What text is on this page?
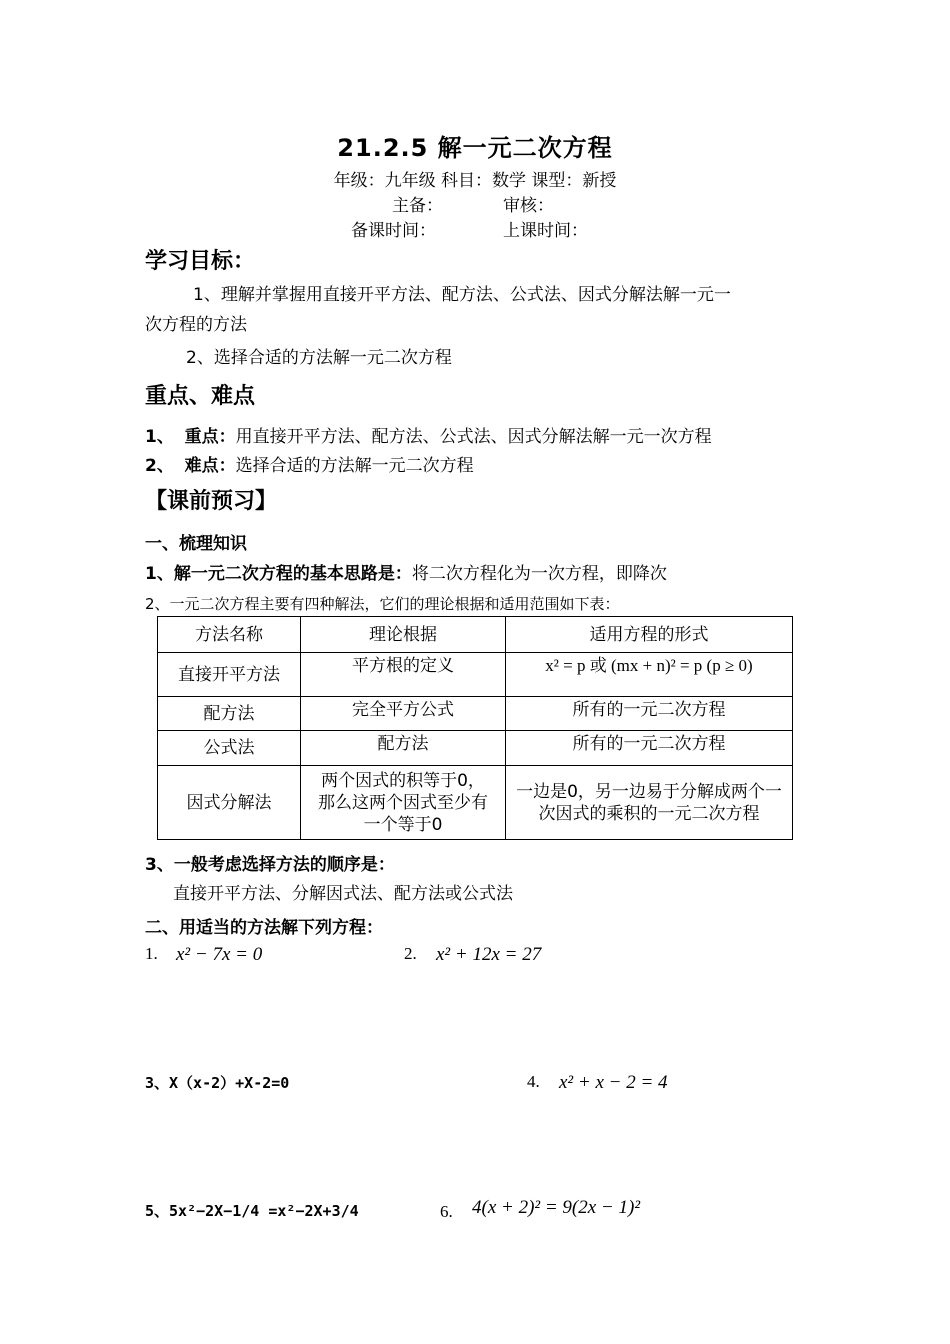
21.2.5 解一元二次方程
年级：九年级 科目：数学 课型：新授
主备：	审核：
备课时间：	上课时间：
学习目标：
1、理解并掌握用直接开平方法、配方法、公式法、因式分解法解一元一
次方程的方法
2、选择合适的方法解一元二次方程
重点、难点
1、 重点：用直接开平方法、配方法、公式法、因式分解法解一元一次方程
2、 难点：选择合适的方法解一元二次方程
【课前预习】
一、梳理知识
1、解一元二次方程的基本思路是：将二次方程化为一次方程，即降次
2、一元二次方程主要有四种解法，它们的理论根据和适用范围如下表：
方法名称	理论根据	适用方程的形式
直接开平方法	平方根的定义	x² = p 或 (mx + n)² = p (p ≥ 0)
配方法	完全平方公式	所有的一元二次方程
公式法	配方法	所有的一元二次方程
因式分解法	两个因式的积等于0，那么这两个因式至少有一个等于0	一边是0，另一边易于分解成两个一次因式的乘积的一元二次方程
3、一般考虑选择方法的顺序是：
直接开平方法、分解因式法、配方法或公式法
二、用适当的方法解下列方程：
1. x² − 7x = 0	2. x² + 12x = 27
3、X（x-2）+X-2=0	4. x² + x − 2 = 4
5、5x²−2X−1/4 =x²−2X+3/4	6. 4(x + 2)² = 9(2x − 1)²
